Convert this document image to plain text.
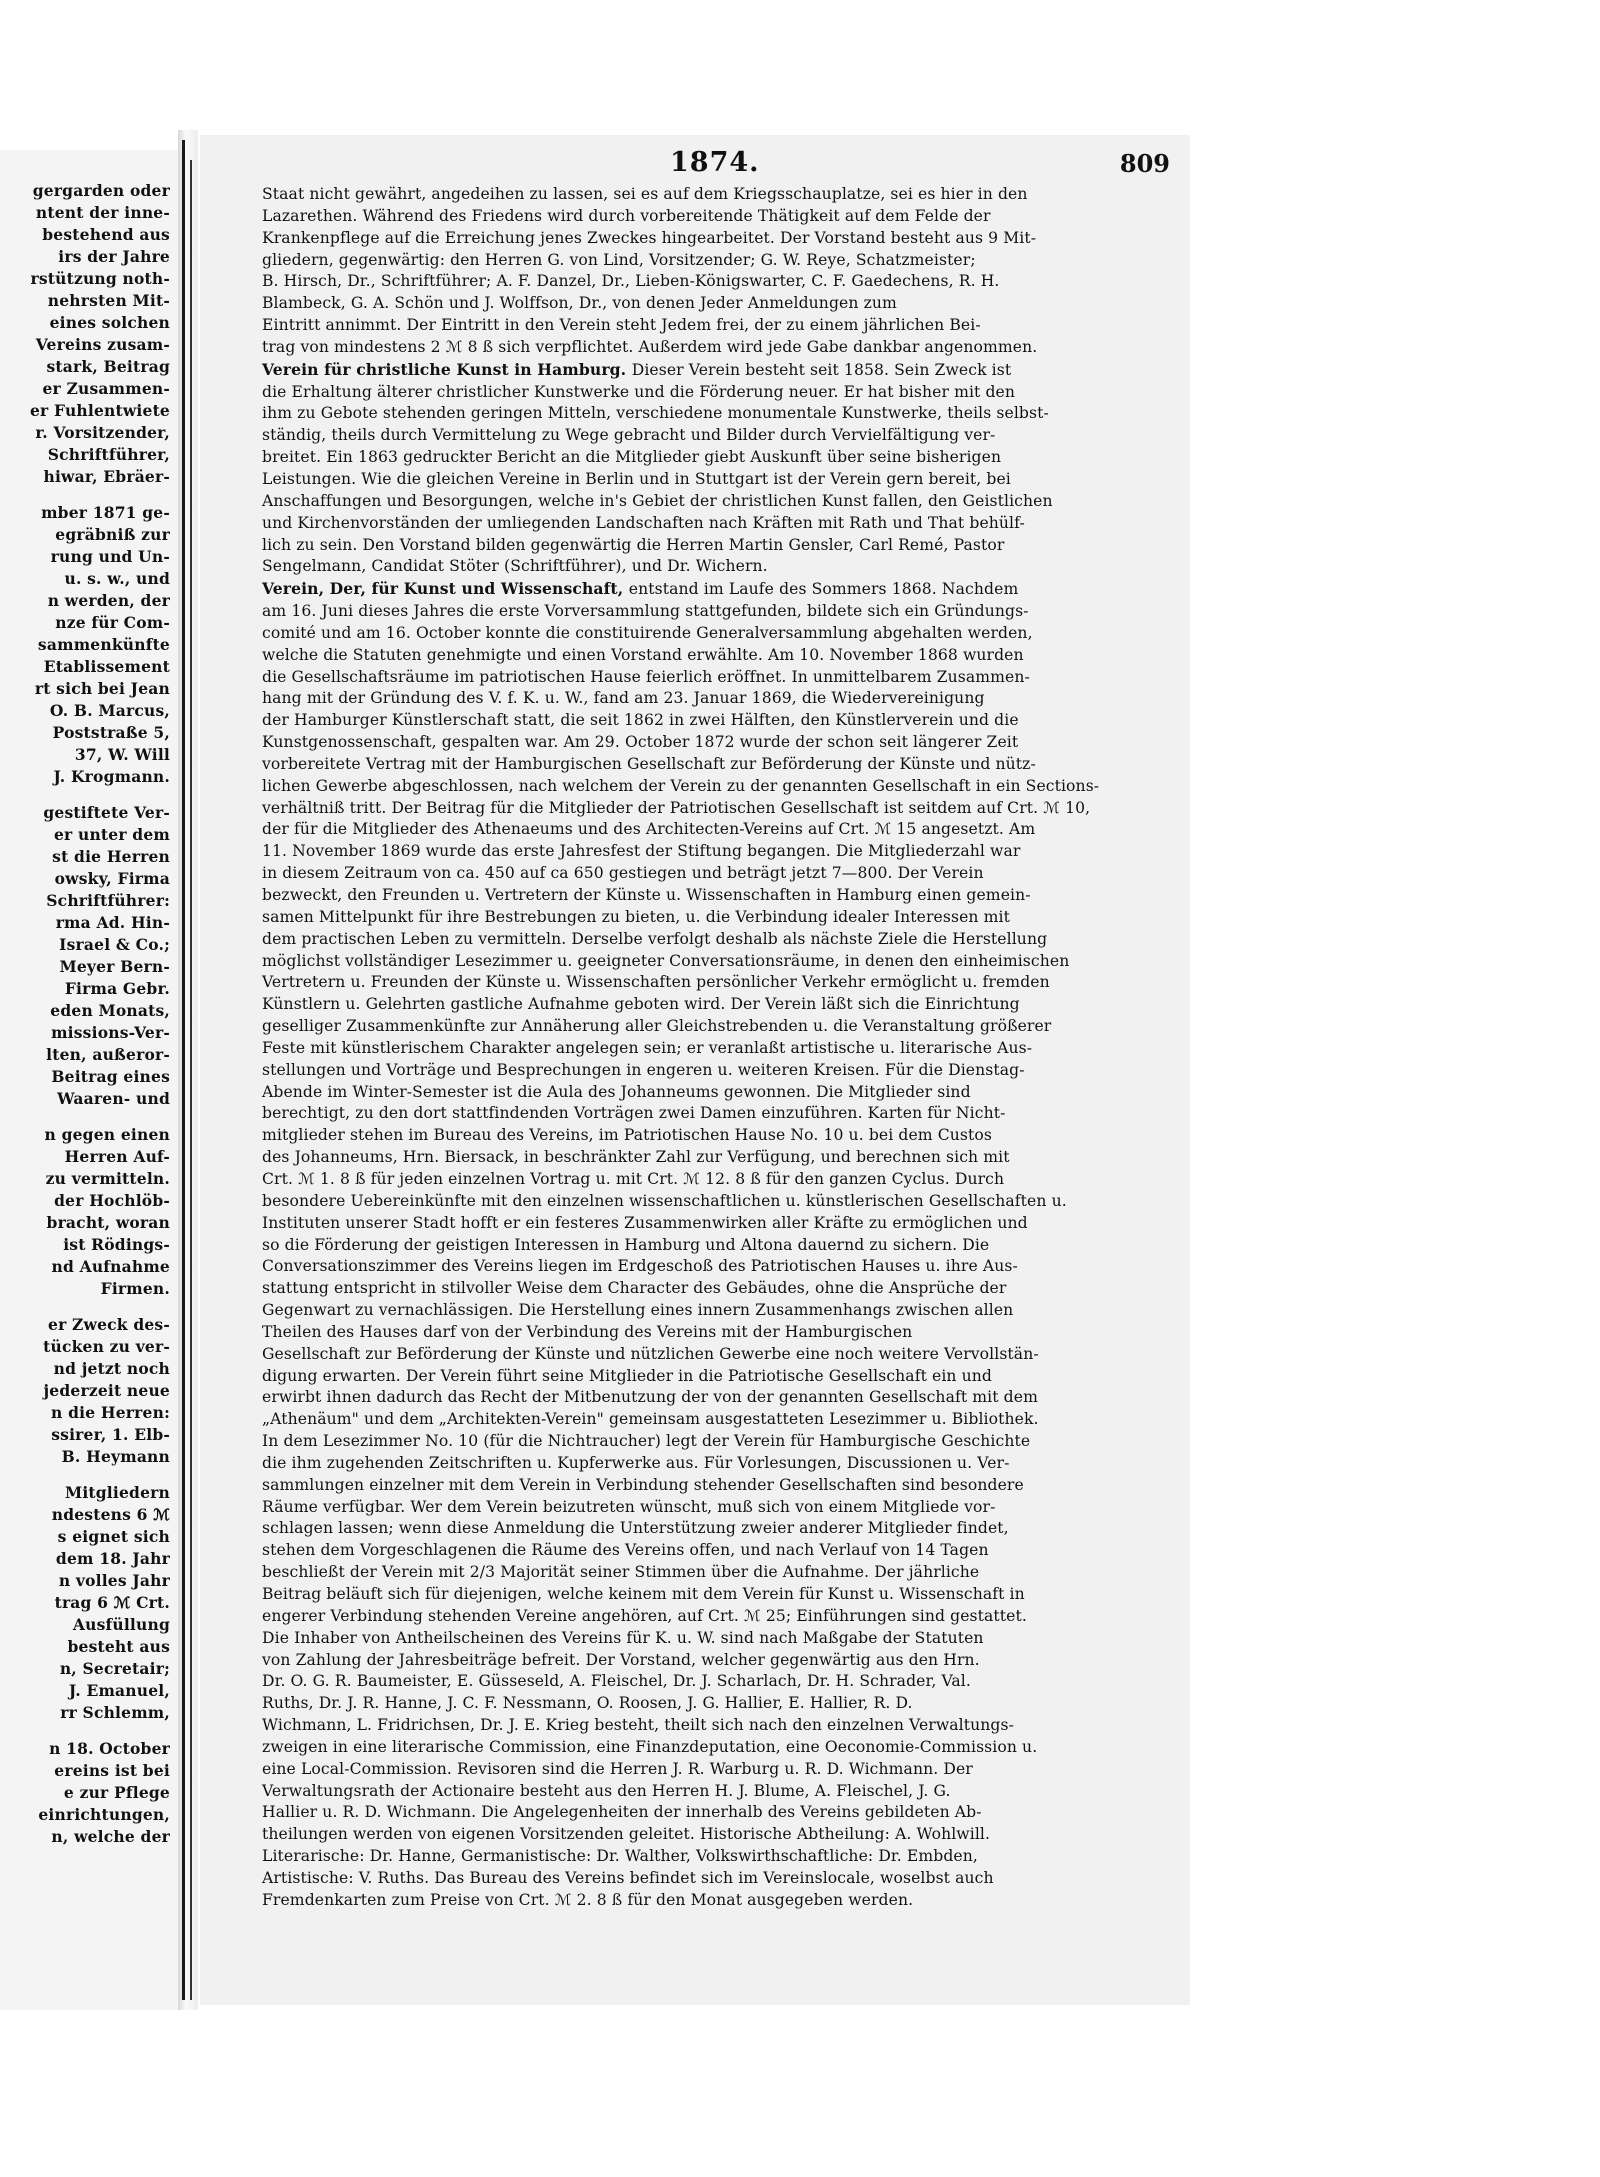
gergarden oder
ntent der inne-
bestehend aus
irs der Jahre
rstützung noth-
nehrsten Mit-
eines solchen
Vereins zusam-
stark, Beitrag
er Zusammen-
er Fuhlentwiete
r. Vorsitzender,
Schriftführer,
hiwar, Ebräer-
mber 1871 ge-
egräbniß zur
rung und Un-
u. s. w., und
n werden, der
nze für Com-
sammenkünfte
Etablissement
rt sich bei Jean
O. B. Marcus,
Poststraße 5,
37, W. Will
J. Krogmann.
gestiftete Ver-
er unter dem
st die Herren
owsky, Firma
Schriftführer:
rma Ad. Hin-
Israel & Co.;
Meyer Bern-
Firma Gebr.
eden Monats,
missions-Ver-
lten, außeror-
Beitrag eines
Waaren- und
n gegen einen
Herren Auf-
zu vermitteln.
der Hochlöb-
bracht, woran
ist Rödings-
nd Aufnahme
Firmen.
er Zweck des-
tücken zu ver-
nd jetzt noch
jederzeit neue
n die Herren:
ssirer, 1. Elb-
B. Heymann
Mitgliedern
ndestens 6 ℳ
s eignet sich
dem 18. Jahr
n volles Jahr
trag 6 ℳ Crt.
Ausfüllung
besteht aus
n, Secretair;
J. Emanuel,
rr Schlemm,
n 18. October
ereins ist bei
e zur Pflege
einrichtungen,
n, welche der
1874.	809
Staat nicht gewährt, angedeihen zu lassen, sei es auf dem Kriegsschauplatze, sei es hier in den
Lazarethen. Während des Friedens wird durch vorbereitende Thätigkeit auf dem Felde der
Krankenpflege auf die Erreichung jenes Zweckes hingearbeitet. Der Vorstand besteht aus 9 Mit-
gliedern, gegenwärtig: den Herren G. von Lind, Vorsitzender; G. W. Reye, Schatzmeister;
B. Hirsch, Dr., Schriftführer; A. F. Danzel, Dr., Lieben-Königswarter, C. F. Gaedechens, R. H.
Blambeck, G. A. Schön und J. Wolffson, Dr., von denen Jeder Anmeldungen zum
Eintritt annimmt. Der Eintritt in den Verein steht Jedem frei, der zu einem jährlichen Bei-
trag von mindestens 2 ℳ 8 ß sich verpflichtet. Außerdem wird jede Gabe dankbar angenommen.
Verein für christliche Kunst in Hamburg. Dieser Verein besteht seit 1858. Sein Zweck ist
die Erhaltung älterer christlicher Kunstwerke und die Förderung neuer. Er hat bisher mit den
ihm zu Gebote stehenden geringen Mitteln, verschiedene monumentale Kunstwerke, theils selbst-
ständig, theils durch Vermittelung zu Wege gebracht und Bilder durch Vervielfältigung ver-
breitet. Ein 1863 gedruckter Bericht an die Mitglieder giebt Auskunft über seine bisherigen
Leistungen. Wie die gleichen Vereine in Berlin und in Stuttgart ist der Verein gern bereit, bei
Anschaffungen und Besorgungen, welche in's Gebiet der christlichen Kunst fallen, den Geistlichen
und Kirchenvorständen der umliegenden Landschaften nach Kräften mit Rath und That behülf-
lich zu sein. Den Vorstand bilden gegenwärtig die Herren Martin Gensler, Carl Remé, Pastor
Sengelmann, Candidat Stöter (Schriftführer), und Dr. Wichern.
Verein, Der, für Kunst und Wissenschaft, entstand im Laufe des Sommers 1868. Nachdem
am 16. Juni dieses Jahres die erste Vorversammlung stattgefunden, bildete sich ein Gründungs-
comité und am 16. October konnte die constituirende Generalversammlung abgehalten werden,
welche die Statuten genehmigte und einen Vorstand erwählte. Am 10. November 1868 wurden
die Gesellschaftsräume im patriotischen Hause feierlich eröffnet. In unmittelbarem Zusammen-
hang mit der Gründung des V. f. K. u. W., fand am 23. Januar 1869, die Wiedervereinigung
der Hamburger Künstlerschaft statt, die seit 1862 in zwei Hälften, den Künstlerverein und die
Kunstgenossenschaft, gespalten war. Am 29. October 1872 wurde der schon seit längerer Zeit
vorbereitete Vertrag mit der Hamburgischen Gesellschaft zur Beförderung der Künste und nütz-
lichen Gewerbe abgeschlossen, nach welchem der Verein zu der genannten Gesellschaft in ein Sections-
verhältniß tritt. Der Beitrag für die Mitglieder der Patriotischen Gesellschaft ist seitdem auf Crt. ℳ 10,
der für die Mitglieder des Athenaeums und des Architecten-Vereins auf Crt. ℳ 15 angesetzt. Am
11. November 1869 wurde das erste Jahresfest der Stiftung begangen. Die Mitgliederzahl war
in diesem Zeitraum von ca. 450 auf ca 650 gestiegen und beträgt jetzt 7—800. Der Verein
bezweckt, den Freunden u. Vertretern der Künste u. Wissenschaften in Hamburg einen gemein-
samen Mittelpunkt für ihre Bestrebungen zu bieten, u. die Verbindung idealer Interessen mit
dem practischen Leben zu vermitteln. Derselbe verfolgt deshalb als nächste Ziele die Herstellung
möglichst vollständiger Lesezimmer u. geeigneter Conversationsräume, in denen den einheimischen
Vertretern u. Freunden der Künste u. Wissenschaften persönlicher Verkehr ermöglicht u. fremden
Künstlern u. Gelehrten gastliche Aufnahme geboten wird. Der Verein läßt sich die Einrichtung
geselliger Zusammenkünfte zur Annäherung aller Gleichstrebenden u. die Veranstaltung größerer
Feste mit künstlerischem Charakter angelegen sein; er veranlaßt artistische u. literarische Aus-
stellungen und Vorträge und Besprechungen in engeren u. weiteren Kreisen. Für die Dienstag-
Abende im Winter-Semester ist die Aula des Johanneums gewonnen. Die Mitglieder sind
berechtigt, zu den dort stattfindenden Vorträgen zwei Damen einzuführen. Karten für Nicht-
mitglieder stehen im Bureau des Vereins, im Patriotischen Hause No. 10 u. bei dem Custos
des Johanneums, Hrn. Biersack, in beschränkter Zahl zur Verfügung, und berechnen sich mit
Crt. ℳ 1. 8 ß für jeden einzelnen Vortrag u. mit Crt. ℳ 12. 8 ß für den ganzen Cyclus. Durch
besondere Uebereinkünfte mit den einzelnen wissenschaftlichen u. künstlerischen Gesellschaften u.
Instituten unserer Stadt hofft er ein festeres Zusammenwirken aller Kräfte zu ermöglichen und
so die Förderung der geistigen Interessen in Hamburg und Altona dauernd zu sichern. Die
Conversationszimmer des Vereins liegen im Erdgeschoß des Patriotischen Hauses u. ihre Aus-
stattung entspricht in stilvoller Weise dem Character des Gebäudes, ohne die Ansprüche der
Gegenwart zu vernachlässigen. Die Herstellung eines innern Zusammenhangs zwischen allen
Theilen des Hauses darf von der Verbindung des Vereins mit der Hamburgischen
Gesellschaft zur Beförderung der Künste und nützlichen Gewerbe eine noch weitere Vervollstän-
digung erwarten. Der Verein führt seine Mitglieder in die Patriotische Gesellschaft ein und
erwirbt ihnen dadurch das Recht der Mitbenutzung der von der genannten Gesellschaft mit dem
„Athenäum" und dem „Architekten-Verein" gemeinsam ausgestatteten Lesezimmer u. Bibliothek.
In dem Lesezimmer No. 10 (für die Nichtraucher) legt der Verein für Hamburgische Geschichte
die ihm zugehenden Zeitschriften u. Kupferwerke aus. Für Vorlesungen, Discussionen u. Ver-
sammlungen einzelner mit dem Verein in Verbindung stehender Gesellschaften sind besondere
Räume verfügbar. Wer dem Verein beizutreten wünscht, muß sich von einem Mitgliede vor-
schlagen lassen; wenn diese Anmeldung die Unterstützung zweier anderer Mitglieder findet,
stehen dem Vorgeschlagenen die Räume des Vereins offen, und nach Verlauf von 14 Tagen
beschließt der Verein mit 2/3 Majorität seiner Stimmen über die Aufnahme. Der jährliche
Beitrag beläuft sich für diejenigen, welche keinem mit dem Verein für Kunst u. Wissenschaft in
engerer Verbindung stehenden Vereine angehören, auf Crt. ℳ 25; Einführungen sind gestattet.
Die Inhaber von Antheilscheinen des Vereins für K. u. W. sind nach Maßgabe der Statuten
von Zahlung der Jahresbeiträge befreit. Der Vorstand, welcher gegenwärtig aus den Hrn.
Dr. O. G. R. Baumeister, E. Güsseseld, A. Fleischel, Dr. J. Scharlach, Dr. H. Schrader, Val.
Ruths, Dr. J. R. Hanne, J. C. F. Nessmann, O. Roosen, J. G. Hallier, E. Hallier, R. D.
Wichmann, L. Fridrichsen, Dr. J. E. Krieg besteht, theilt sich nach den einzelnen Verwaltungs-
zweigen in eine literarische Commission, eine Finanzdeputation, eine Oeconomie-Commission u.
eine Local-Commission. Revisoren sind die Herren J. R. Warburg u. R. D. Wichmann. Der
Verwaltungsrath der Actionaire besteht aus den Herren H. J. Blume, A. Fleischel, J. G.
Hallier u. R. D. Wichmann. Die Angelegenheiten der innerhalb des Vereins gebildeten Ab-
theilungen werden von eigenen Vorsitzenden geleitet. Historische Abtheilung: A. Wohlwill.
Literarische: Dr. Hanne, Germanistische: Dr. Walther, Volkswirthschaftliche: Dr. Embden,
Artistische: V. Ruths. Das Bureau des Vereins befindet sich im Vereinslocale, woselbst auch
Fremdenkarten zum Preise von Crt. ℳ 2. 8 ß für den Monat ausgegeben werden.
